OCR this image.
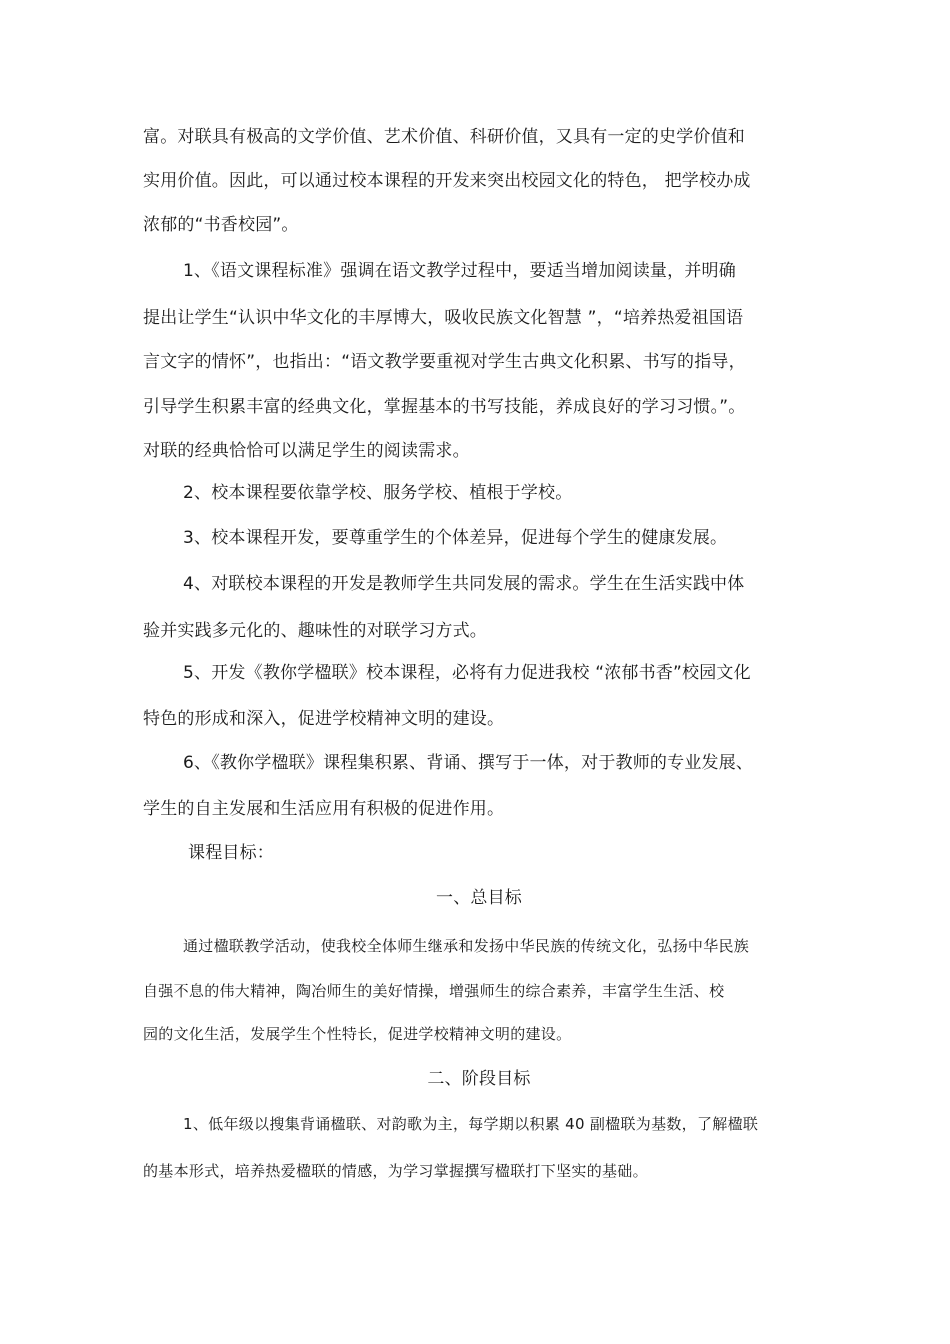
富。对联具有极高的文学价值、艺术价值、科研价值，又具有一定的史学价值和
实用价值。因此，可以通过校本课程的开发来突出校园文化的特色， 把学校办成
浓郁的“书香校园”。
1、《语文课程标准》强调在语文教学过程中，要适当增加阅读量，并明确
提出让学生“认识中华文化的丰厚博大，吸收民族文化智慧 ”，“培养热爱祖国语
言文字的情怀”，也指出：“语文教学要重视对学生古典文化积累、书写的指导，
引导学生积累丰富的经典文化，掌握基本的书写技能，养成良好的学习习惯。”。
对联的经典恰恰可以满足学生的阅读需求。
2、校本课程要依靠学校、服务学校、植根于学校。
3、校本课程开发，要尊重学生的个体差异，促进每个学生的健康发展。
4、对联校本课程的开发是教师学生共同发展的需求。学生在生活实践中体
验并实践多元化的、趣味性的对联学习方式。
5、开发《教你学楹联》校本课程，必将有力促进我校 “浓郁书香”校园文化
特色的形成和深入，促进学校精神文明的建设。
6、《教你学楹联》课程集积累、背诵、撰写于一体，对于教师的专业发展、
学生的自主发展和生活应用有积极的促进作用。
课程目标：
一、总目标
通过楹联教学活动，使我校全体师生继承和发扬中华民族的传统文化，弘扬中华民族
自强不息的伟大精神，陶冶师生的美好情操，增强师生的综合素养，丰富学生生活、校
园的文化生活，发展学生个性特长，促进学校精神文明的建设。
二、阶段目标
1、低年级以搜集背诵楹联、对韵歌为主，每学期以积累 40 副楹联为基数，了解楹联
的基本形式，培养热爱楹联的情感，为学习掌握撰写楹联打下坚实的基础。
